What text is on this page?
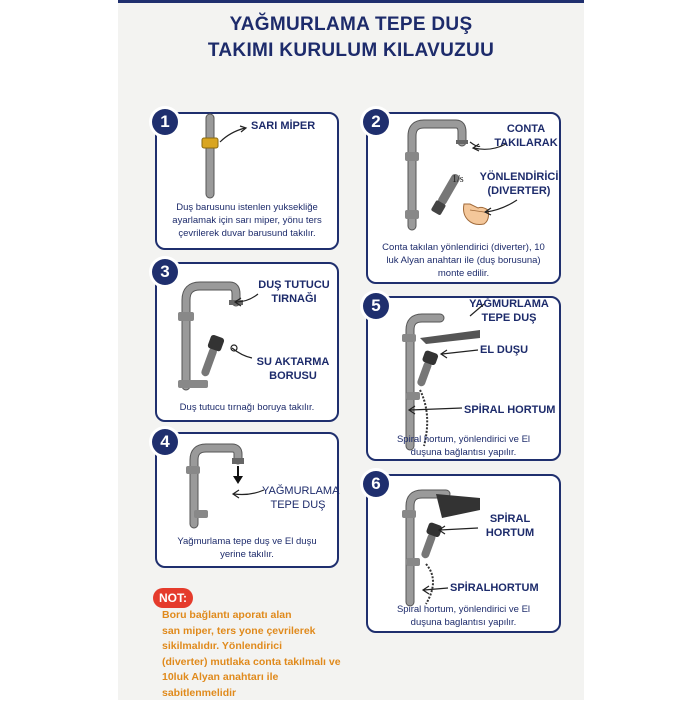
YAĞMURLAMA TEPE DUŞ
TAKIMI KURULUM KILAVUZUU
1	SARI MİPER
Duş barusunu istenlen yuksekliğe
ayarlamak için sarı miper, yönu ters
çevrilerek duvar barusund takılır.
2
1/s
CONTA
TAKILARAK
YÖNLENDİRİCİ
(DIVERTER)
Conta takılan yönlendirici (diverter), 10
luk Alyan anahtarı ile (duş borusuna)
monte edilir.
3
DUŞ TUTUCU
TIRNAĞI
SU AKTARMA
BORUSU
Duş tutucu tırnağı boruya takılır.
4
YAĞMURLAMA
TEPE DUŞ
Yağmurlama tepe duş ve El duşu
yerine takılır.
5	YAĞMURLAMA
TEPE DUŞ
EL DUŞU
SPİRAL HORTUM
Spiral hortum, yönlendirici ve El
duşuna bağlantısı yapılır.
6
SPİRAL
HORTUM
SPİRALHORTUM
Spiral hortum, yönlendirici ve El
duşuna baglantısı yapılır.
NOT:
Boru bağlantı aporatı alan
san miper, ters yone çevrilerek
sikilmalıdır. Yönlendirici
(diverter) mutlaka conta takılmalı ve
10luk Alyan anahtarı ile
sabitlenmelidir
